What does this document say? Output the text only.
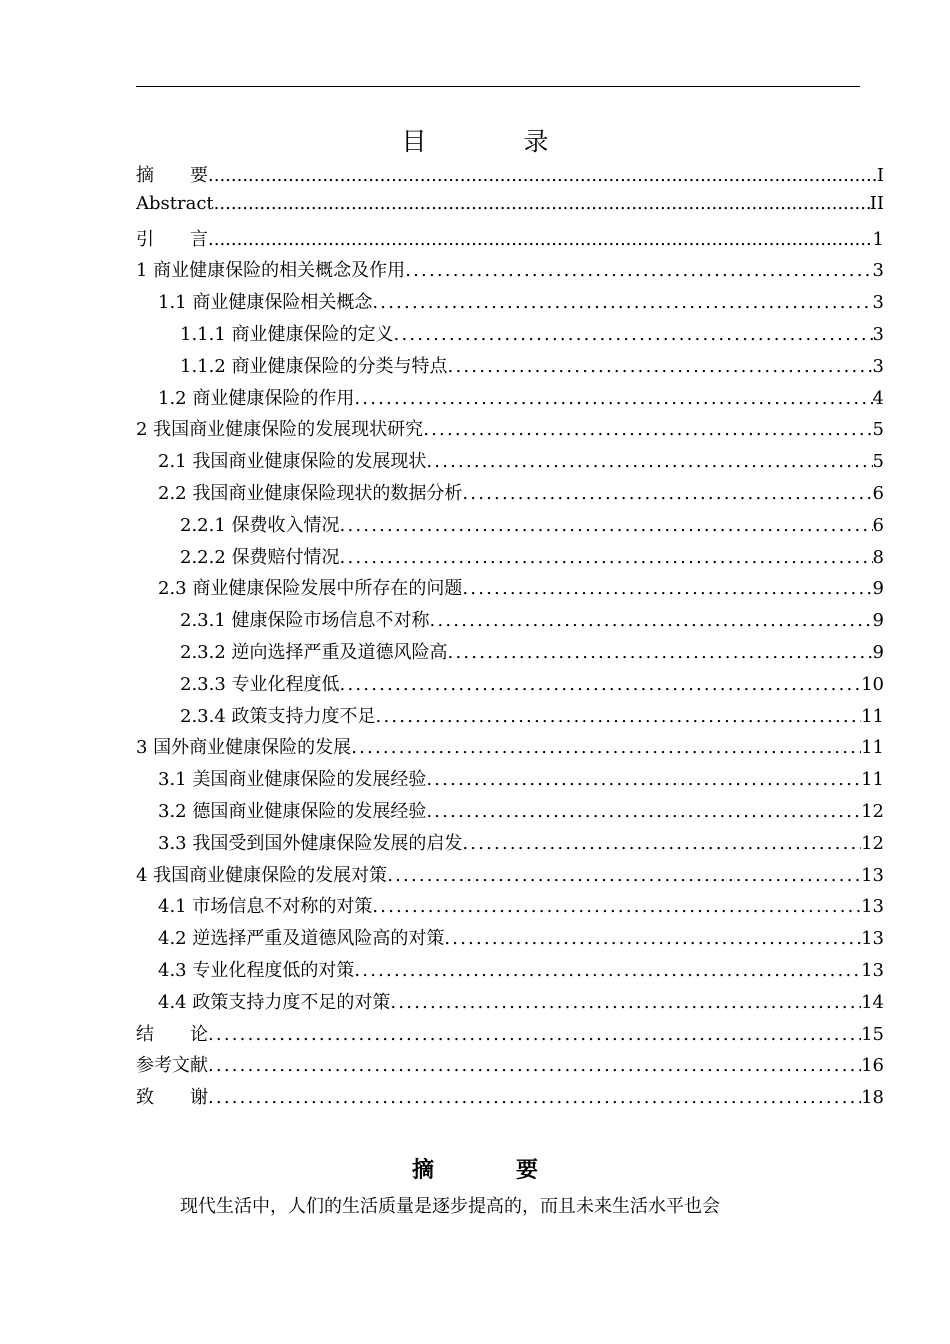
目　录
摘　　要 .....	I
Abstract .....	II
引　　言 .....	1
1 商业健康保险的相关概念及作用 .....	3
1.1 商业健康保险相关概念 .....	3
1.1.1 商业健康保险的定义 .....	3
1.1.2 商业健康保险的分类与特点 .....	3
1.2 商业健康保险的作用 .....	4
2 我国商业健康保险的发展现状研究 .....	5
2.1 我国商业健康保险的发展现状 .....	5
2.2 我国商业健康保险现状的数据分析 .....	6
2.2.1 保费收入情况 .....	6
2.2.2 保费赔付情况 .....	8
2.3 商业健康保险发展中所存在的问题 .....	9
2.3.1 健康保险市场信息不对称 .....	9
2.3.2 逆向选择严重及道德风险高 .....	9
2.3.3 专业化程度低 .....	10
2.3.4 政策支持力度不足 .....	11
3 国外商业健康保险的发展 .....	11
3.1 美国商业健康保险的发展经验 .....	11
3.2 德国商业健康保险的发展经验 .....	12
3.3 我国受到国外健康保险发展的启发 .....	12
4 我国商业健康保险的发展对策 .....	13
4.1 市场信息不对称的对策 .....	13
4.2 逆选择严重及道德风险高的对策 .....	13
4.3 专业化程度低的对策 .....	13
4.4 政策支持力度不足的对策 .....	14
结　　论 .....	15
参考文献 .....	16
致　　谢 .....	18
摘　要
现代生活中，人们的生活质量是逐步提高的，而且未来生活水平也会
